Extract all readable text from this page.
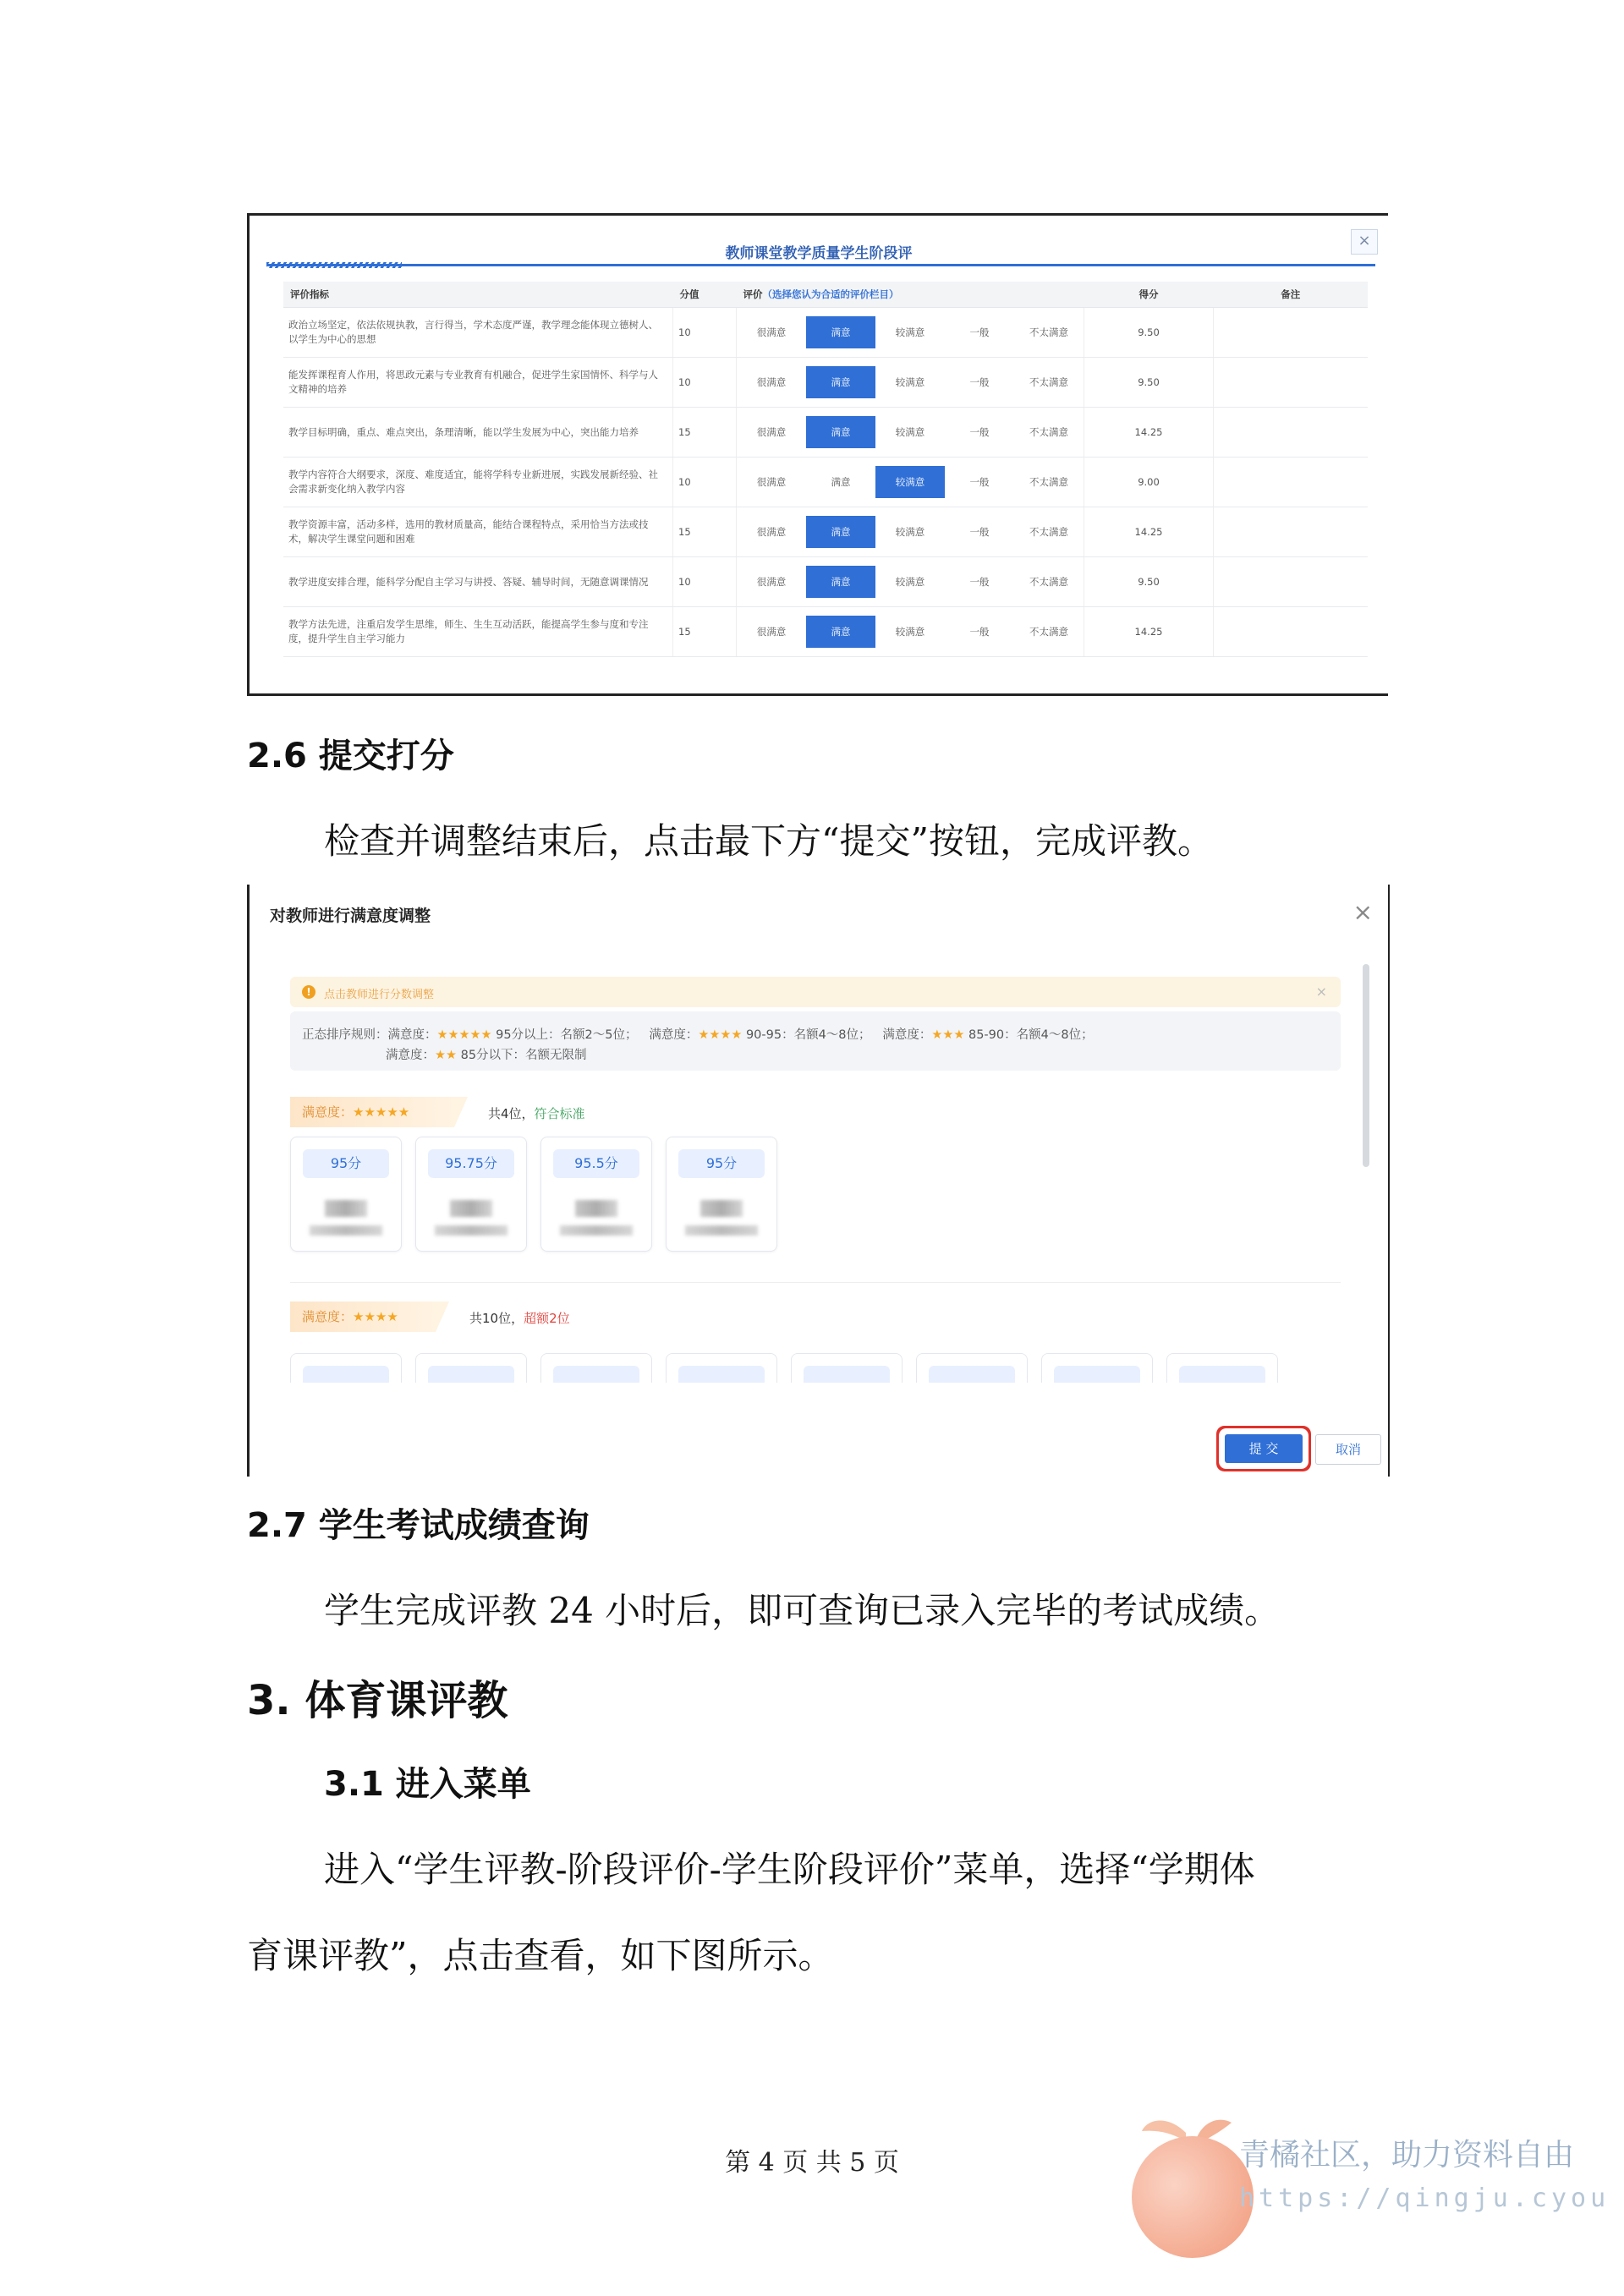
×
教师课堂教学质量学生阶段评
评价指标	分值	评价（选择您认为合适的评价栏目）					得分	备注
政治立场坚定，依法依规执教，言行得当，学术态度严谨，教学理念能体现立德树人、以学生为中心的思想	10	很满意	满意	较满意	一般	不太满意	9.50	
能发挥课程育人作用，将思政元素与专业教育有机融合，促进学生家国情怀、科学与人文精神的培养	10	很满意	满意	较满意	一般	不太满意	9.50	
教学目标明确，重点、难点突出，条理清晰，能以学生发展为中心，突出能力培养	15	很满意	满意	较满意	一般	不太满意	14.25	
教学内容符合大纲要求，深度、难度适宜，能将学科专业新进展，实践发展新经验、社会需求新变化纳入教学内容	10	很满意	满意	较满意	一般	不太满意	9.00	
教学资源丰富，活动多样，选用的教材质量高，能结合课程特点，采用恰当方法或技术，解决学生课堂问题和困难	15	很满意	满意	较满意	一般	不太满意	14.25	
教学进度安排合理，能科学分配自主学习与讲授、答疑、辅导时间，无随意调课情况	10	很满意	满意	较满意	一般	不太满意	9.50	
教学方法先进，注重启发学生思维，师生、生生互动活跃，能提高学生参与度和专注度，提升学生自主学习能力	15	很满意	满意	较满意	一般	不太满意	14.25	
2.6 提交打分
检查并调整结束后，点击最下方“提交”按钮，完成评教。
对教师进行满意度调整	×
!	点击教师进行分数调整	×
正态排序规则：满意度：★★★★★ 95分以上：名额2～5位； 满意度：★★★★ 90-95：名额4～8位； 满意度：★★★ 85-90：名额4～8位；
满意度：★★ 85分以下：名额无限制
满意度：★★★★★	共4位，符合标准
95分	95.75分	95.5分	95分
满意度：★★★★	共10位，超额2位
提 交	取消
2.7 学生考试成绩查询
学生完成评教 24 小时后，即可查询已录入完毕的考试成绩。
3. 体育课评教
3.1 进入菜单
进入“学生评教-阶段评价-学生阶段评价”菜单，选择“学期体
育课评教”，点击查看，如下图所示。
第 4 页 共 5 页	青橘社区，助力资料自由
https://qingju.cyou
